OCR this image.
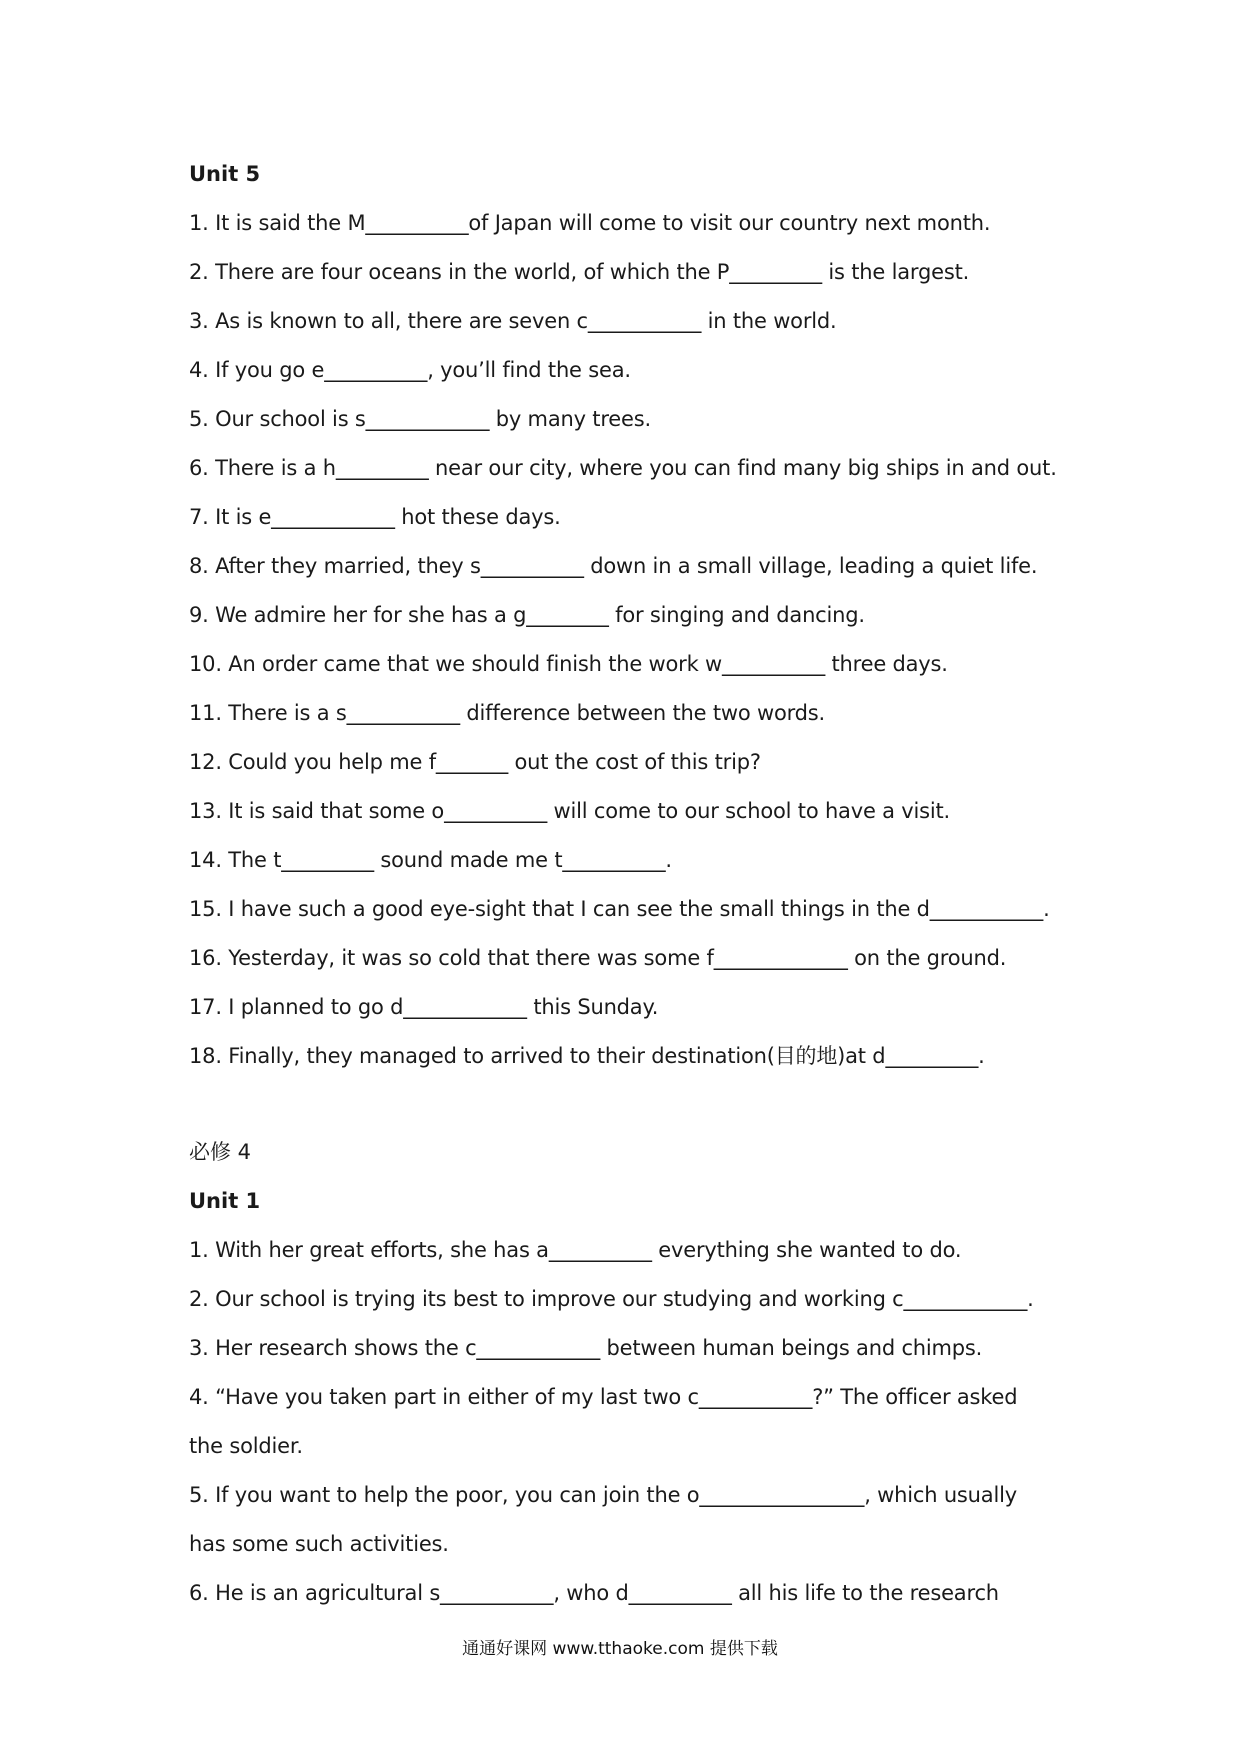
Unit 5
1. It is said the M__________of Japan will come to visit our country next month.
2. There are four oceans in the world, of which the P_________ is the largest.
3. As is known to all, there are seven c___________ in the world.
4. If you go e__________, you’ll find the sea.
5. Our school is s____________ by many trees.
6. There is a h_________ near our city, where you can find many big ships in and out.
7. It is e____________ hot these days.
8. After they married, they s__________ down in a small village, leading a quiet life.
9. We admire her for she has a g________ for singing and dancing.
10. An order came that we should finish the work w__________ three days.
11. There is a s___________ difference between the two words.
12. Could you help me f_______ out the cost of this trip?
13. It is said that some o__________ will come to our school to have a visit.
14. The t_________ sound made me t__________.
15. I have such a good eye-sight that I can see the small things in the d___________.
16. Yesterday, it was so cold that there was some f_____________ on the ground.
17. I planned to go d____________ this Sunday.
18. Finally, they managed to arrived to their destination(目的地)at d_________.
必修 4
Unit 1
1. With her great efforts, she has a__________ everything she wanted to do.
2. Our school is trying its best to improve our studying and working c____________.
3. Her research shows the c____________ between human beings and chimps.
4. “Have you taken part in either of my last two c___________?” The officer asked
the soldier.
5. If you want to help the poor, you can join the o________________, which usually
has some such activities.
6. He is an agricultural s___________, who d__________ all his life to the research
通通好课网 www.tthaoke.com 提供下载
